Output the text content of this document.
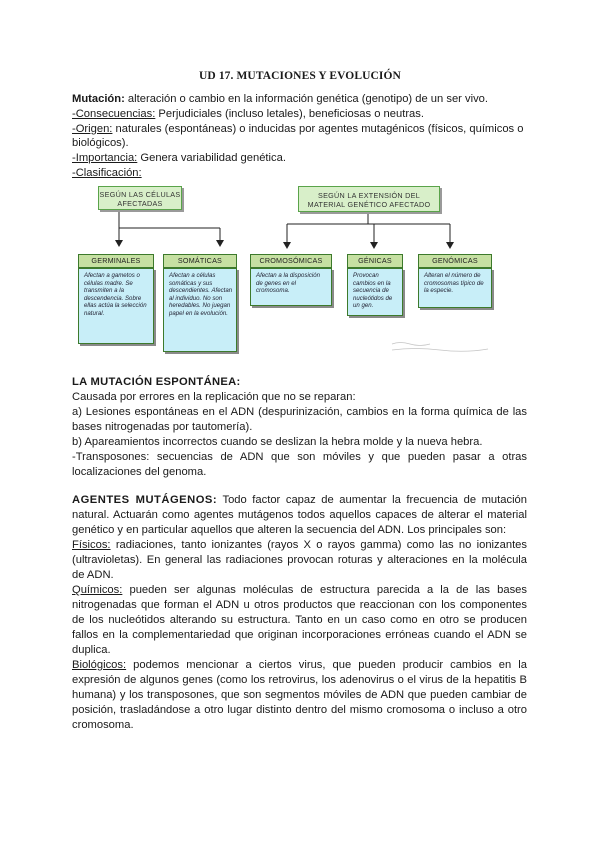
UD 17. MUTACIONES Y EVOLUCIÓN

Mutación: alteración o cambio en la información genética (genotipo) de un ser vivo.

-Consecuencias: Perjudiciales (incluso letales), beneficiosas o neutras.

-Origen: naturales (espontáneas) o inducidas por agentes mutagénicos (físicos, químicos o biológicos).

-Importancia: Genera variabilidad genética.

-Clasificación:

SEGÚN LAS CÉLULAS AFECTADAS
SEGÚN LA EXTENSIÓN DEL MATERIAL GENÉTICO AFECTADO
GERMINALES
Afectan a gametos o células madre. Se transmiten a la descendencia. Sobre ellas actúa la selección natural.
SOMÁTICAS
Afectan a células somáticas y sus descendientes. Afectan al individuo. No son heredables. No juegan papel en la evolución.
CROMOSÓMICAS
Afectan a la disposición de genes en el cromosoma.
GÉNICAS
Provocan cambios en la secuencia de nucleótidos de un gen.
GENÓMICAS
Alteran el número de cromosomas típico de la especie.
LA MUTACIÓN ESPONTÁNEA:

Causada por errores en la replicación que no se reparan:

a) Lesiones espontáneas en el ADN (despurinización, cambios en la forma química de las bases nitrogenadas por tautomería).

b) Apareamientos incorrectos cuando se deslizan la hebra molde y la nueva hebra.

-Transposones: secuencias de ADN que son móviles y que pueden pasar a otras localizaciones del genoma.

AGENTES MUTÁGENOS: Todo factor capaz de aumentar la frecuencia de mutación natural. Actuarán como agentes mutágenos todos aquellos capaces de alterar el material genético y en particular aquellos que alteren la secuencia del ADN. Los principales son:

Físicos: radiaciones, tanto ionizantes (rayos X o rayos gamma) como las no ionizantes (ultravioletas). En general las radiaciones provocan roturas y alteraciones en la molécula de ADN.

Químicos: pueden ser algunas moléculas de estructura parecida a la de las bases nitrogenadas que forman el ADN u otros productos que reaccionan con los componentes de los nucleótidos alterando su estructura. Tanto en un caso como en otro se producen fallos en la complementariedad que originan incorporaciones erróneas cuando el ADN se duplica.

Biológicos: podemos mencionar a ciertos virus, que pueden producir cambios en la expresión de algunos genes (como los retrovirus, los adenovirus o el virus de la hepatitis B humana) y los transposones, que son segmentos móviles de ADN que pueden cambiar de posición, trasladándose a otro lugar distinto dentro del mismo cromosoma o incluso a otro cromosoma.
